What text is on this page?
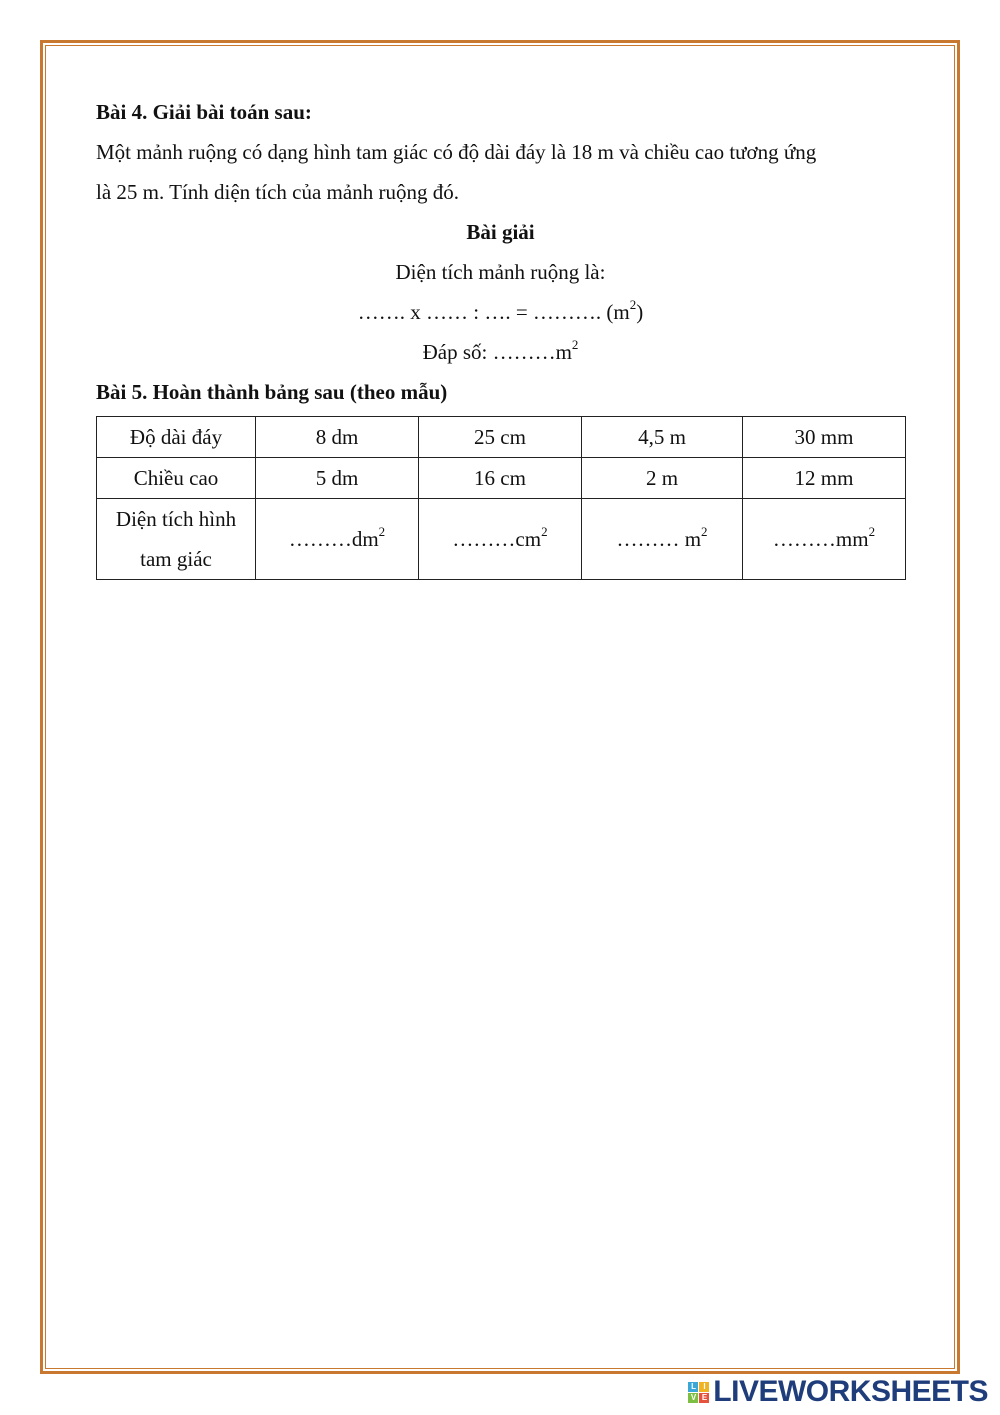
Bài 4. Giải bài toán sau:
Một mảnh ruộng có dạng hình tam giác có độ dài đáy là 18 m và chiều cao tương ứng
là 25 m. Tính diện tích của mảnh ruộng đó.
Bài giải
Diện tích mảnh ruộng là:
……. x …… : …. = ………. $(m^2)$
Đáp số: $\dots\dots\dots m^2$
Bài 5. Hoàn thành bảng sau (theo mẫu)
Độ dài đáy	8 dm	25 cm	4,5 m	30 mm
Chiều cao	5 dm	16 cm	2 m	12 mm

Diện tích hình
tam giác	$\dots\dots\dots dm^2$	$\dots\dots\dots cm^2$	……… $m^2$	$\dots\dots\dots mm^2$
L I
V E LIVEWORKSHEETS
